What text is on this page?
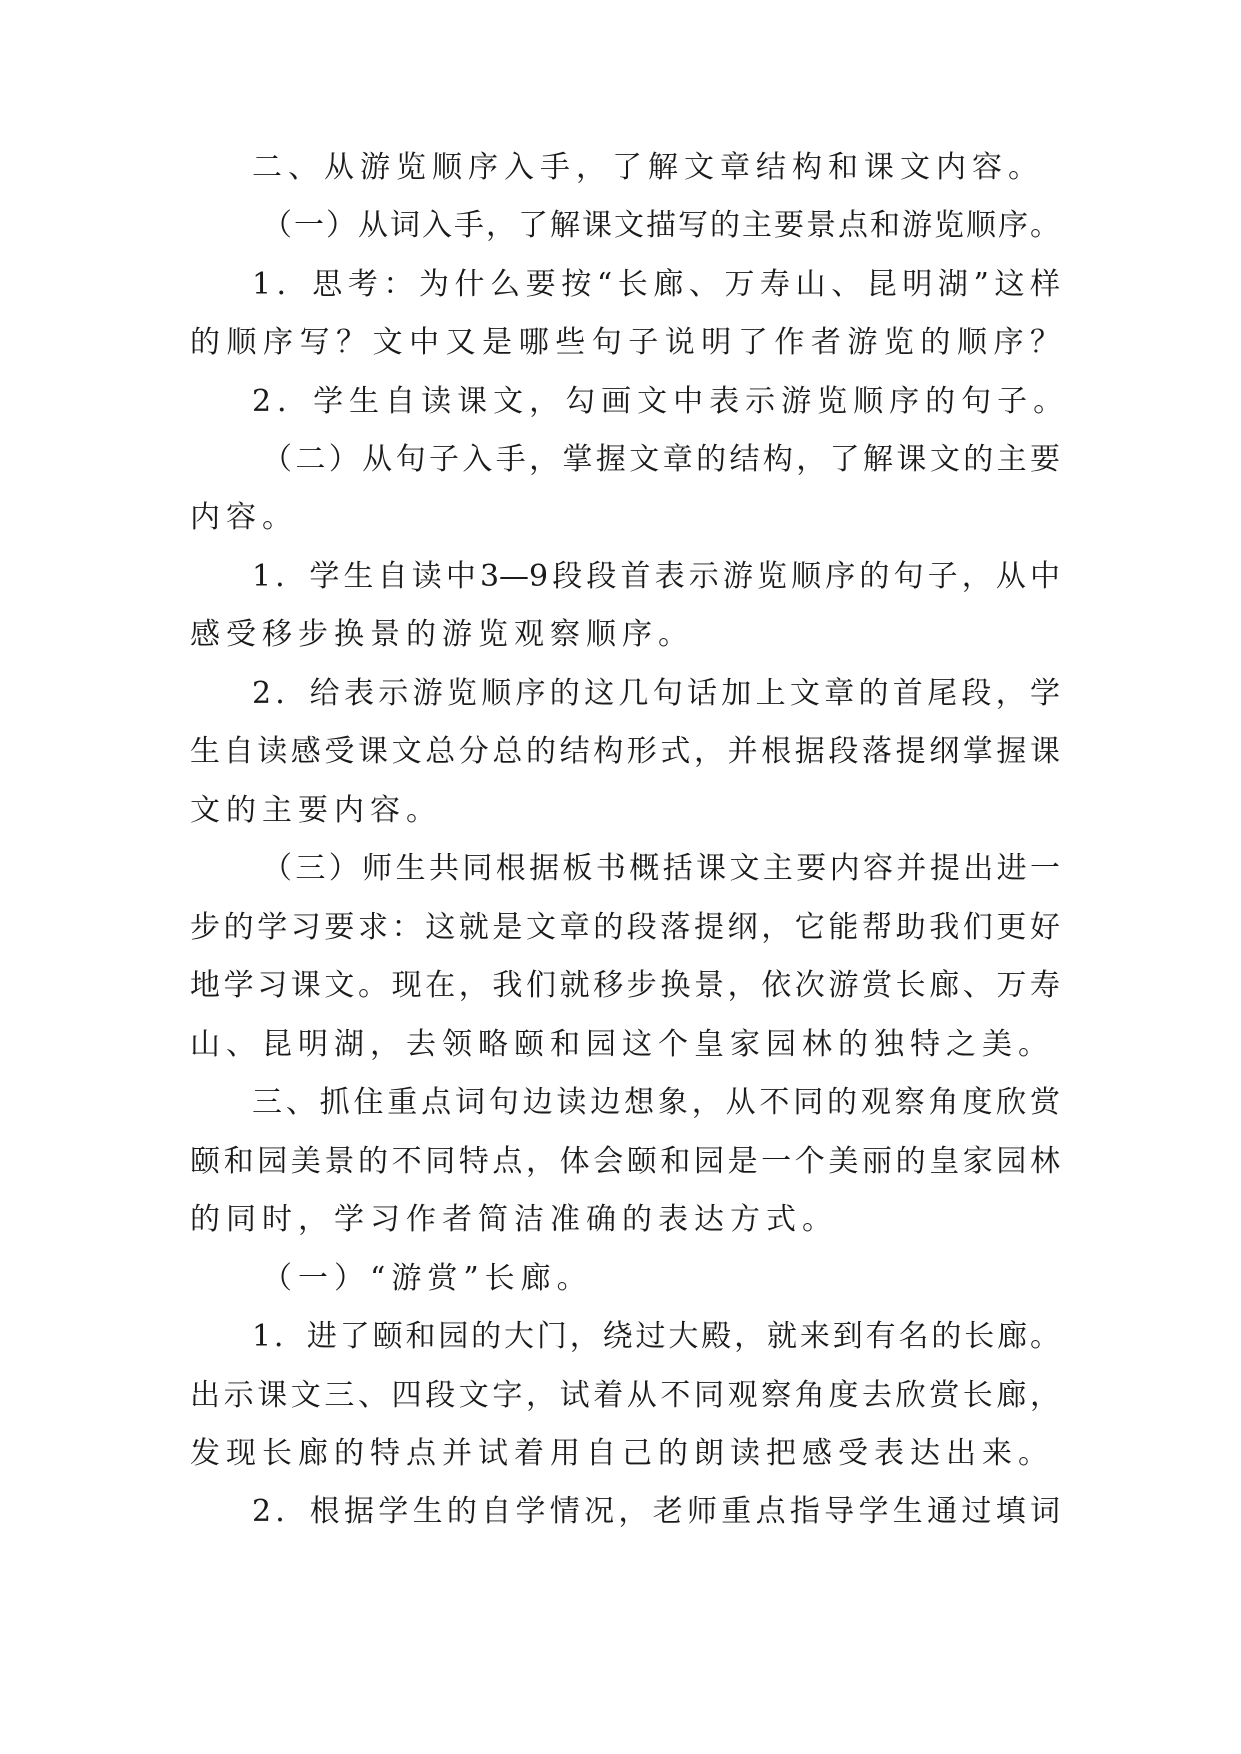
二、从游览顺序入手，了解文章结构和课文内容。
（一）从词入手，了解课文描写的主要景点和游览顺序。
1．思考：为什么要按“长廊、万寿山、昆明湖”这样
的顺序写？文中又是哪些句子说明了作者游览的顺序？
2．学生自读课文，勾画文中表示游览顺序的句子。
（二）从句子入手，掌握文章的结构，了解课文的主要
内容。
1．学生自读中3—9段段首表示游览顺序的句子，从中
感受移步换景的游览观察顺序。
2．给表示游览顺序的这几句话加上文章的首尾段，学
生自读感受课文总分总的结构形式，并根据段落提纲掌握课
文的主要内容。
（三）师生共同根据板书概括课文主要内容并提出进一
步的学习要求：这就是文章的段落提纲，它能帮助我们更好
地学习课文。现在，我们就移步换景，依次游赏长廊、万寿
山、昆明湖，去领略颐和园这个皇家园林的独特之美。
三、抓住重点词句边读边想象，从不同的观察角度欣赏
颐和园美景的不同特点，体会颐和园是一个美丽的皇家园林
的同时，学习作者简洁准确的表达方式。
（一）“游赏”长廊。
1．进了颐和园的大门，绕过大殿，就来到有名的长廊。
出示课文三、四段文字，试着从不同观察角度去欣赏长廊，
发现长廊的特点并试着用自己的朗读把感受表达出来。
2．根据学生的自学情况，老师重点指导学生通过填词
